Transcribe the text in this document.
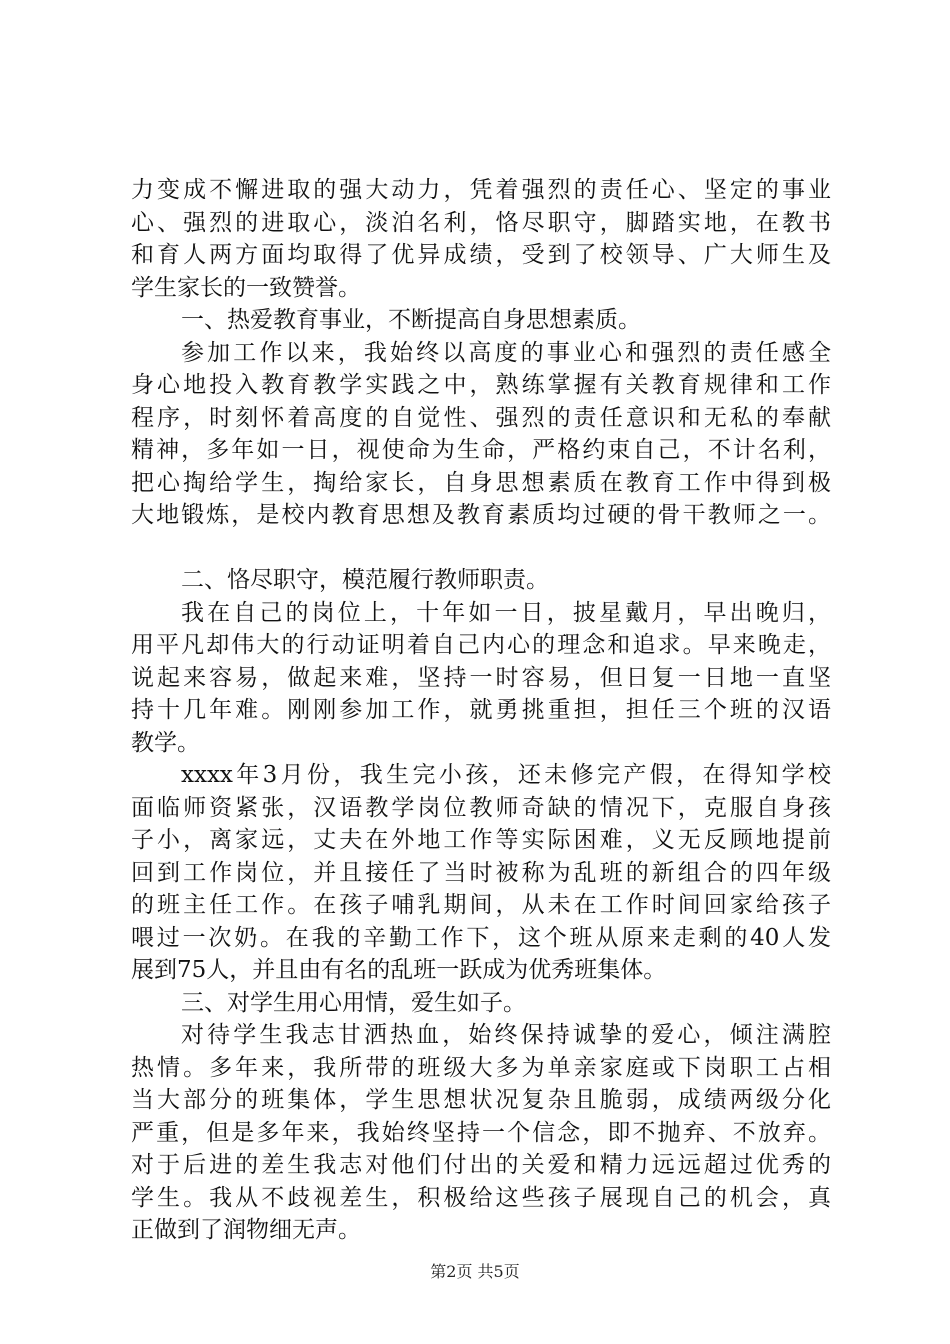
力变成不懈进取的强大动力，凭着强烈的责任心、坚定的事业
心、强烈的进取心，淡泊名利，恪尽职守，脚踏实地，在教书
和育人两方面均取得了优异成绩，受到了校领导、广大师生及
学生家长的一致赞誉。
一、热爱教育事业，不断提高自身思想素质。
参加工作以来，我始终以高度的事业心和强烈的责任感全
身心地投入教育教学实践之中，熟练掌握有关教育规律和工作
程序，时刻怀着高度的自觉性、强烈的责任意识和无私的奉献
精神，多年如一日，视使命为生命，严格约束自己，不计名利，
把心掏给学生，掏给家长，自身思想素质在教育工作中得到极
大地锻炼，是校内教育思想及教育素质均过硬的骨干教师之一。
二、恪尽职守，模范履行教师职责。
我在自己的岗位上，十年如一日，披星戴月，早出晚归，
用平凡却伟大的行动证明着自己内心的理念和追求。早来晚走，
说起来容易，做起来难，坚持一时容易，但日复一日地一直坚
持十几年难。刚刚参加工作，就勇挑重担，担任三个班的汉语
教学。
xxxx年3月份，我生完小孩，还未修完产假，在得知学校
面临师资紧张，汉语教学岗位教师奇缺的情况下，克服自身孩
子小，离家远，丈夫在外地工作等实际困难，义无反顾地提前
回到工作岗位，并且接任了当时被称为乱班的新组合的四年级
的班主任工作。在孩子哺乳期间，从未在工作时间回家给孩子
喂过一次奶。在我的辛勤工作下，这个班从原来走剩的40人发
展到75人，并且由有名的乱班一跃成为优秀班集体。
三、对学生用心用情，爱生如子。
对待学生我志甘洒热血，始终保持诚挚的爱心，倾注满腔
热情。多年来，我所带的班级大多为单亲家庭或下岗职工占相
当大部分的班集体，学生思想状况复杂且脆弱，成绩两级分化
严重，但是多年来，我始终坚持一个信念，即不抛弃、不放弃。
对于后进的差生我志对他们付出的关爱和精力远远超过优秀的
学生。我从不歧视差生，积极给这些孩子展现自己的机会，真
正做到了润物细无声。
第2页 共5页
